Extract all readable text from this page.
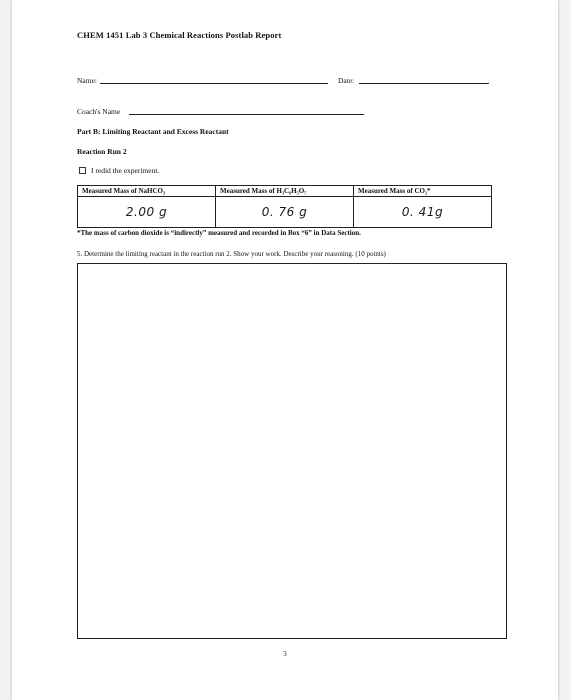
CHEM 1451 Lab 3 Chemical Reactions Postlab Report
Name:	Date:
Coach's Name
Part B: Limiting Reactant and Excess Reactant
Reaction Run 2
I redid the experiment.
Measured Mass of NaHCO₃	Measured Mass of H₃C₆H₅O₇	Measured Mass of CO₂*
2.00 g	0. 76 g	0. 41g
*The mass of carbon dioxide is “indirectly” measured and recorded in Box “6” in Data Section.
5. Determine the limiting reactant in the reaction run 2. Show your work. Describe your reasoning. (10 points)
3
